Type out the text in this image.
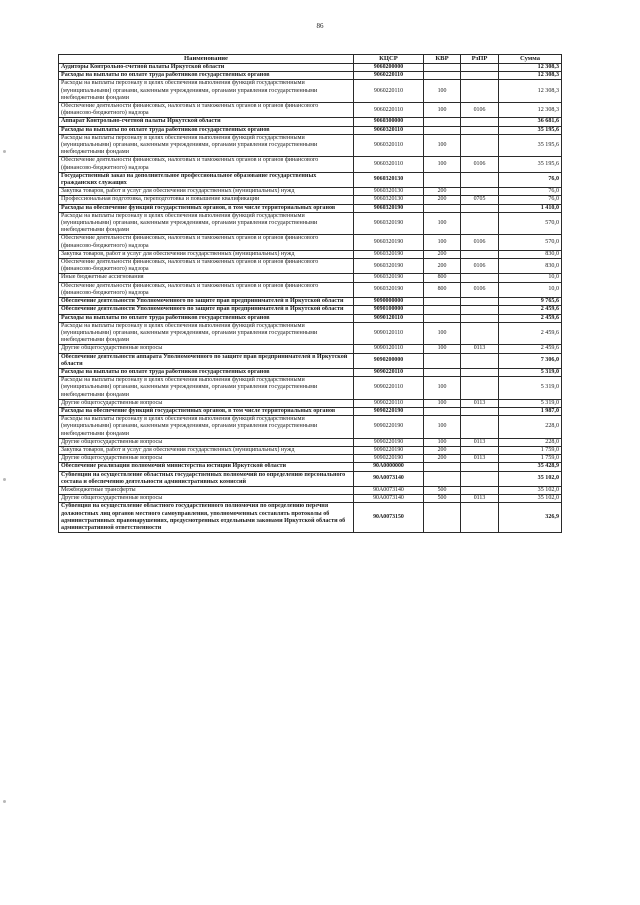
86
Наименование	КЦСР	КВР	РзПР	Сумма
Аудиторы Контрольно-счетной палаты Иркутской области	9060200000			12 308,3
Расходы на выплаты по оплате труда работников государственных органов	9060220110			12 308,3
Расходы на выплаты персоналу в целях обеспечения выполнения функций государственными (муниципальными) органами, казенными учреждениями, органами управления государственными внебюджетными фондами	9060220110	100		12 308,3
Обеспечение деятельности финансовых, налоговых и таможенных органов и органов финансового (финансово-бюджетного) надзора	9060220110	100	0106	12 308,3
Аппарат Контрольно-счетной палаты Иркутской области	9060300000			36 681,6
Расходы на выплаты по оплате труда работников государственных органов	9060320110			35 195,6
Расходы на выплаты персоналу в целях обеспечения выполнения функций государственными (муниципальными) органами, казенными учреждениями, органами управления государственными внебюджетными фондами	9060320110	100		35 195,6
Обеспечение деятельности финансовых, налоговых и таможенных органов и органов финансового (финансово-бюджетного) надзора	9060320110	100	0106	35 195,6
Государственный заказ на дополнительное профессиональное образование государственных гражданских служащих	9060320130			76,0
Закупка товаров, работ и услуг для обеспечения государственных (муниципальных) нужд	9060320130	200		76,0
Профессиональная подготовка, переподготовка и повышение квалификации	9060320130	200	0705	76,0
Расходы на обеспечение функций государственных органов, в том числе территориальных органов	9060320190			1 410,0
Расходы на выплаты персоналу в целях обеспечения выполнения функций государственными (муниципальными) органами, казенными учреждениями, органами управления государственными внебюджетными фондами	9060320190	100		570,0
Обеспечение деятельности финансовых, налоговых и таможенных органов и органов финансового (финансово-бюджетного) надзора	9060320190	100	0106	570,0
Закупка товаров, работ и услуг для обеспечения государственных (муниципальных) нужд	9060320190	200		830,0
Обеспечение деятельности финансовых, налоговых и таможенных органов и органов финансового (финансово-бюджетного) надзора	9060320190	200	0106	830,0
Иные бюджетные ассигнования	9060320190	800		10,0
Обеспечение деятельности финансовых, налоговых и таможенных органов и органов финансового (финансово-бюджетного) надзора	9060320190	800	0106	10,0
Обеспечение деятельности Уполномоченного по защите прав предпринимателей в Иркутской области	9090000000			9 765,6
Обеспечение деятельности Уполномоченного по защите прав предпринимателей в Иркутской области	9090100000			2 459,6
Расходы на выплаты по оплате труда работников государственных органов	9090120110			2 459,6
Расходы на выплаты персоналу в целях обеспечения выполнения функций государственными (муниципальными) органами, казенными учреждениями, органами управления государственными внебюджетными фондами	9090120110	100		2 459,6
Другие общегосударственные вопросы	9090120110	100	0113	2 459,6
Обеспечение деятельности аппарата Уполномоченного по защите прав предпринимателей в Иркутской области	9090200000			7 306,0
Расходы на выплаты по оплате труда работников государственных органов	9090220110			5 319,0
Расходы на выплаты персоналу в целях обеспечения выполнения функций государственными (муниципальными) органами, казенными учреждениями, органами управления государственными внебюджетными фондами	9090220110	100		5 319,0
Другие общегосударственные вопросы	9090220110	100	0113	5 319,0
Расходы на обеспечение функций государственных органов, в том числе территориальных органов	9090220190			1 987,0
Расходы на выплаты персоналу в целях обеспечения выполнения функций государственными (муниципальными) органами, казенными учреждениями, органами управления государственными внебюджетными фондами	9090220190	100		228,0
Другие общегосударственные вопросы	9090220190	100	0113	228,0
Закупка товаров, работ и услуг для обеспечения государственных (муниципальных) нужд	9090220190	200		1 759,0
Другие общегосударственные вопросы	9090220190	200	0113	1 759,0
Обеспечение реализации полномочий министерства юстиции Иркутской области	90А0000000			35 428,9
Субвенции на осуществление областных государственных полномочий по определению персонального состава и обеспечению деятельности административных комиссий	90А0073140			35 102,0
Межбюджетные трансферты	90А0073140	500		35 102,0
Другие общегосударственные вопросы	90А0073140	500	0113	35 102,0
Субвенция на осуществление областного государственного полномочия по определению перечня должностных лиц органов местного самоуправления, уполномоченных составлять протоколы об административных правонарушениях, предусмотренных отдельными законами Иркутской области об административной ответственности	90А0073150			326,9
